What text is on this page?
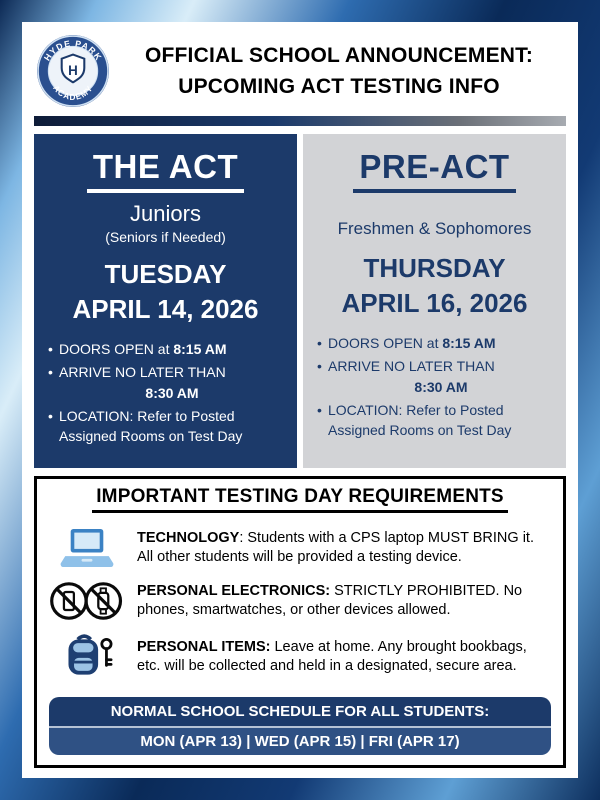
HYDE PARK
ACADEMY
H
OFFICIAL SCHOOL ANNOUNCEMENT:
UPCOMING ACT TESTING INFO
THE ACT
Juniors
(Seniors if Needed)
TUESDAY
APRIL 14, 2026
• DOORS OPEN at 8:15 AM
• ARRIVE NO LATER THAN
8:30 AM
• LOCATION: Refer to Posted Assigned Rooms on Test Day
PRE-ACT
Freshmen & Sophomores
THURSDAY
APRIL 16, 2026
• DOORS OPEN at 8:15 AM
• ARRIVE NO LATER THAN
8:30 AM
• LOCATION: Refer to Posted Assigned Rooms on Test Day
IMPORTANT TESTING DAY REQUIREMENTS
TECHNOLOGY: Students with a CPS laptop MUST BRING it. All other students will be provided a testing device.
PERSONAL ELECTRONICS: STRICTLY PROHIBITED. No phones, smartwatches, or other devices allowed.
PERSONAL ITEMS: Leave at home. Any brought bookbags, etc. will be collected and held in a designated, secure area.
NORMAL SCHOOL SCHEDULE FOR ALL STUDENTS:
MON (APR 13) | WED (APR 15) | FRI (APR 17)
